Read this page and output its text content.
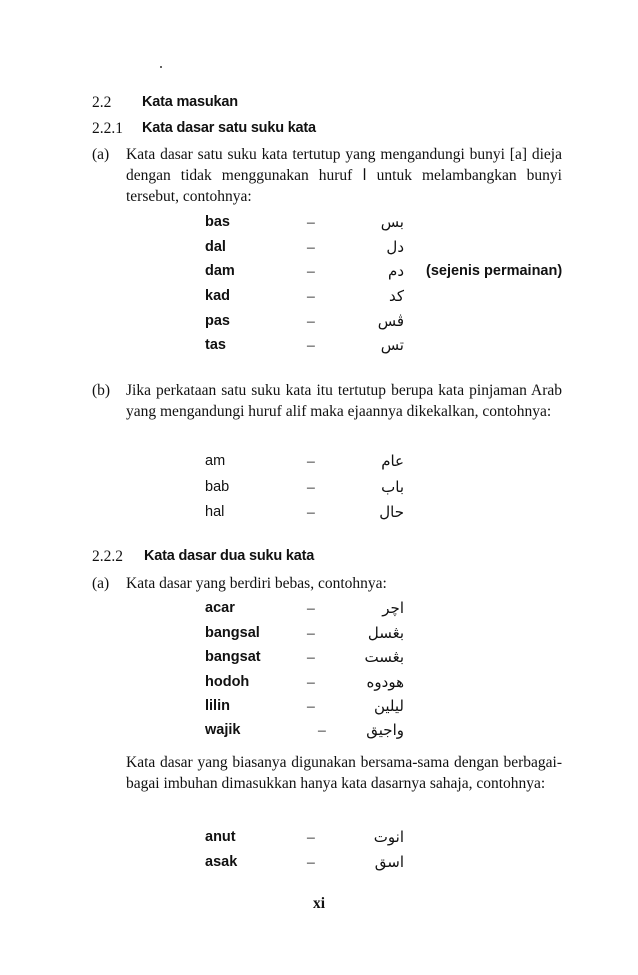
2.2	Kata masukan
2.2.1	Kata dasar satu suku kata
(a) Kata dasar satu suku kata tertutup yang mengandungi bunyi [a] dieja dengan tidak menggunakan huruf ا untuk melambangkan bunyi tersebut, contohnya:
bas	–	بس
dal	–	دل
dam	–	دم (sejenis permainan)
kad	–	کد
pas	–	ڤس
tas	–	تس
(b) Jika perkataan satu suku kata itu tertutup berupa kata pinjaman Arab yang mengandungi huruf alif maka ejaannya dikekalkan, contohnya:
am	–	عام
bab	–	باب
hal	–	حال
2.2.2	Kata dasar dua suku kata
(a) Kata dasar yang berdiri bebas, contohnya:
acar	–	اچر
bangsal	–	بڠسل
bangsat	–	بڠست
hodoh	–	هودوه
lilin	–	ليلين
wajik	–	واجيق
Kata dasar yang biasanya digunakan bersama-sama dengan berbagai-bagai imbuhan dimasukkan hanya kata dasarnya sahaja, contohnya:
anut	–	انوت
asak	–	اسق
xi
